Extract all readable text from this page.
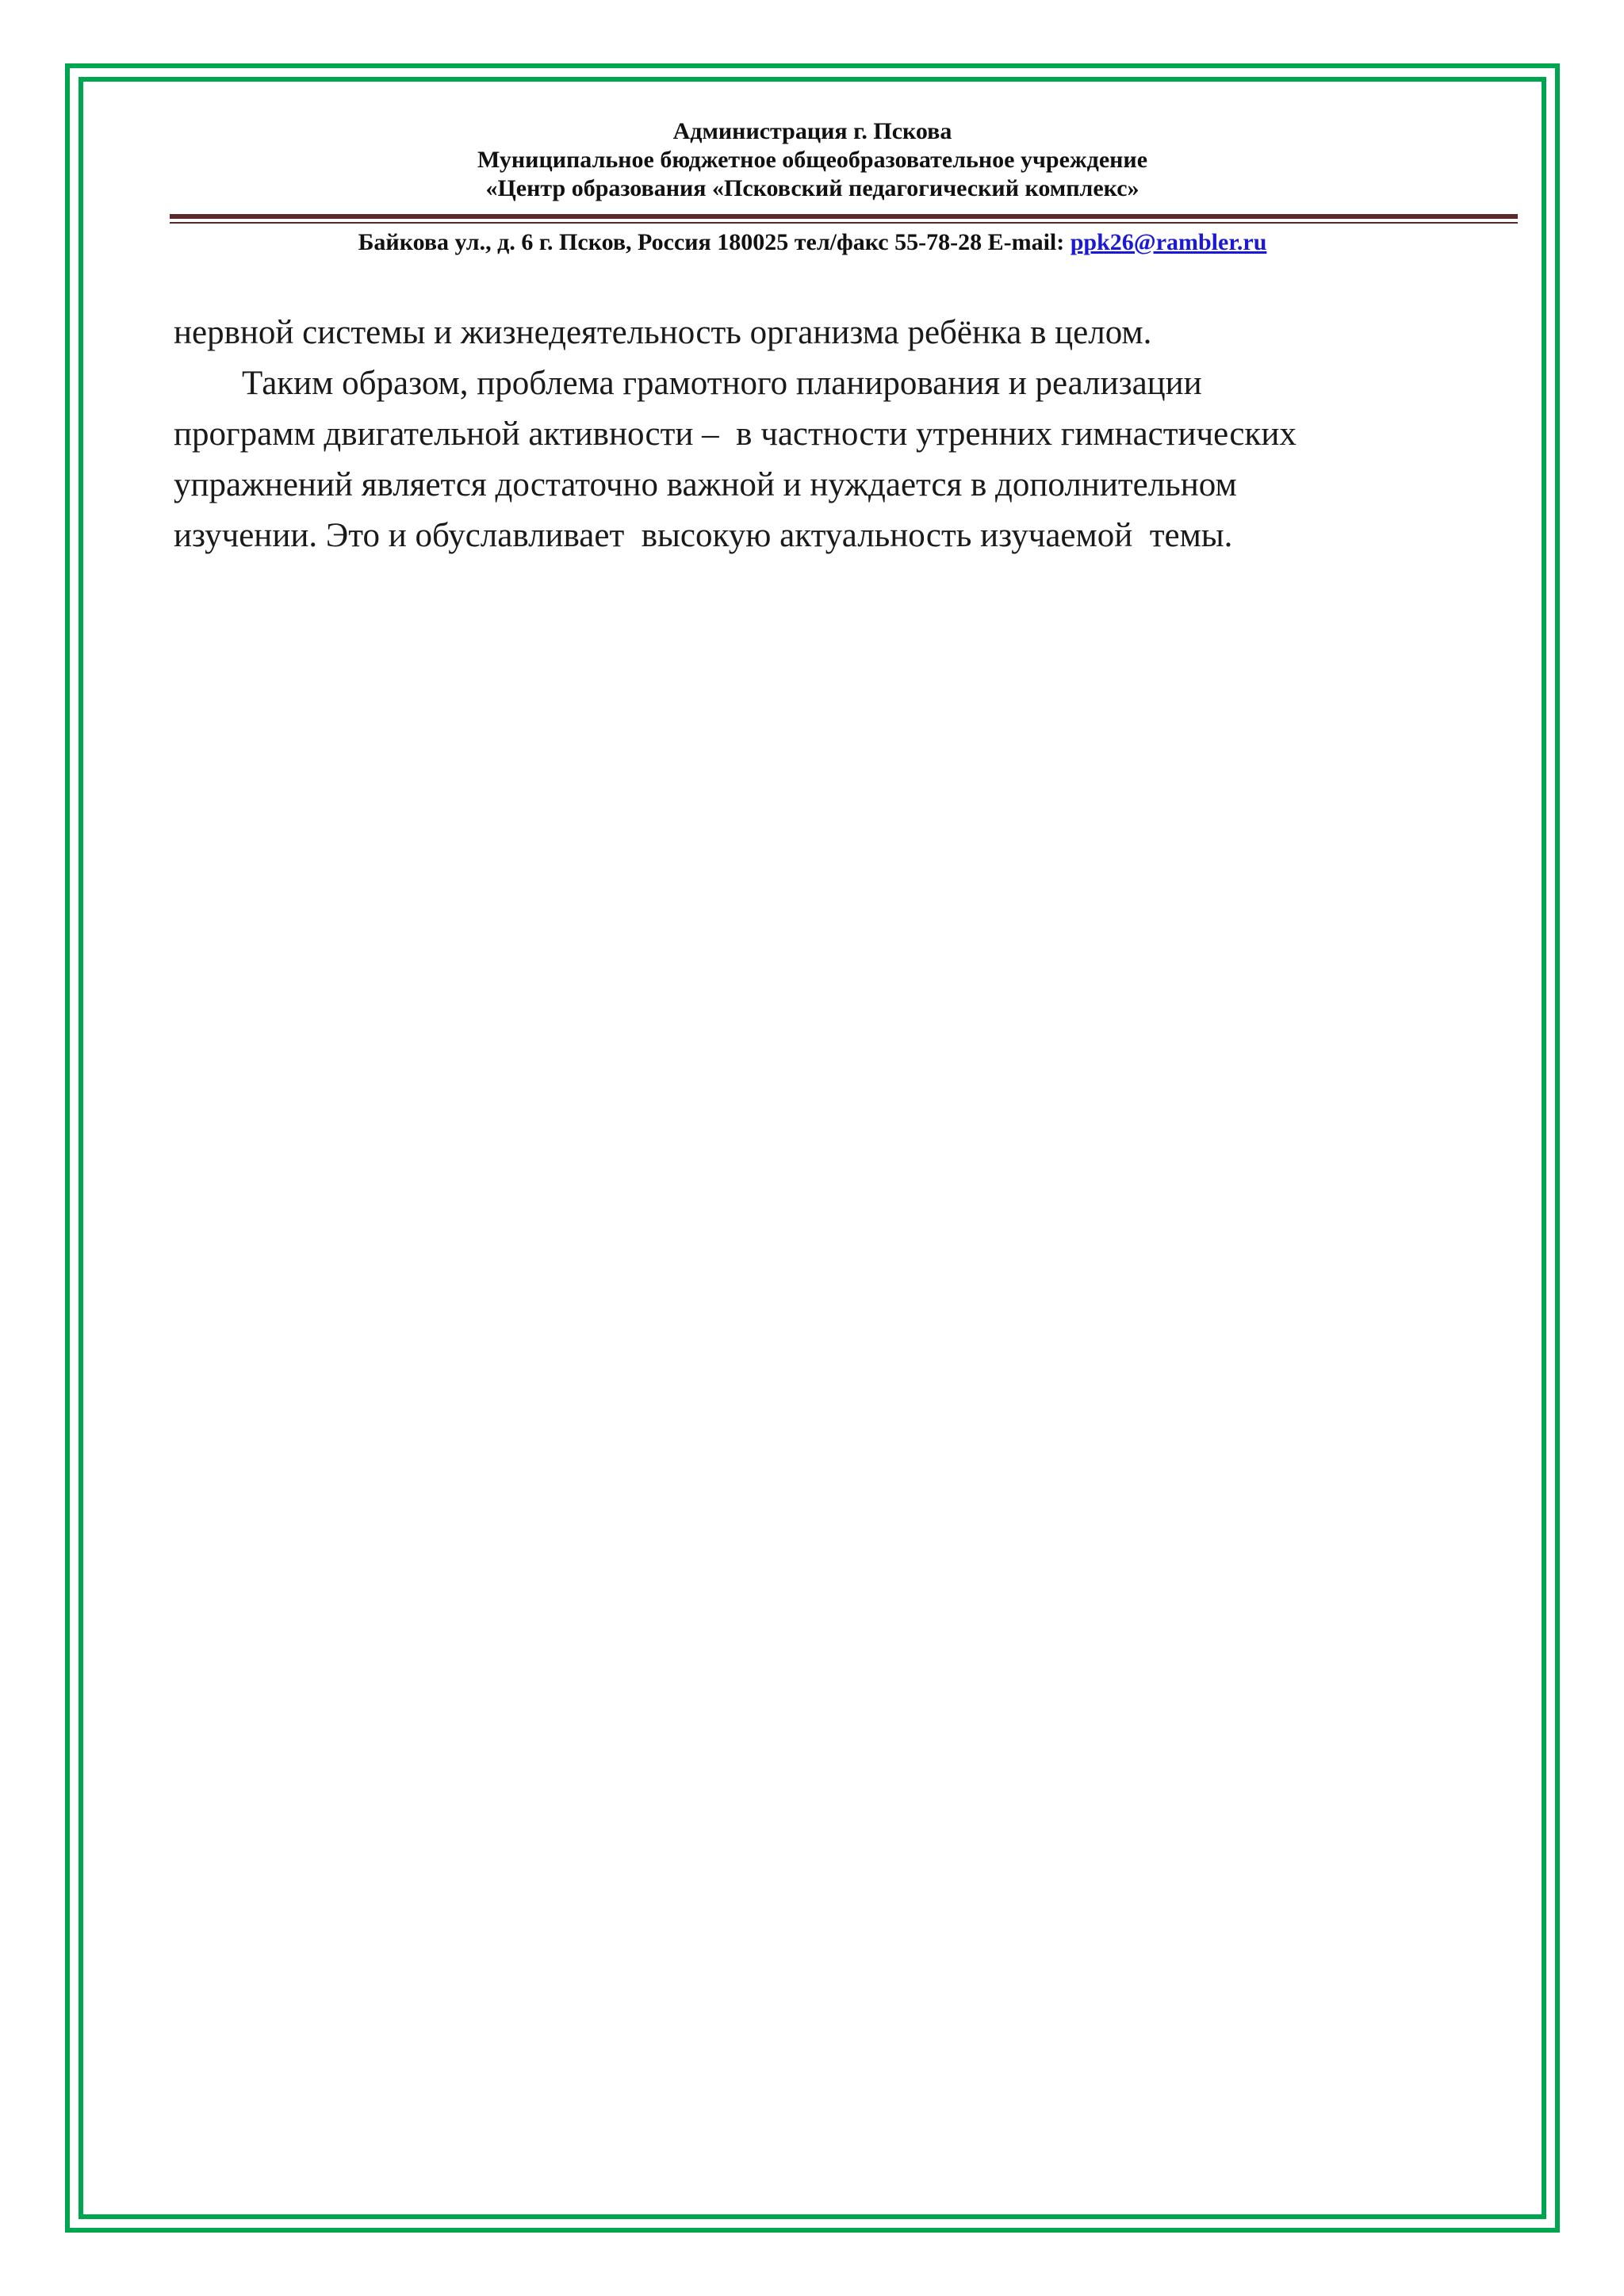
Администрация г. Пскова
Муниципальное бюджетное общеобразовательное учреждение
«Центр образования «Псковский педагогический комплекс»
Байкова ул., д. 6 г. Псков, Россия 180025 тел/факс 55-78-28 E-mail: ppk26@rambler.ru

нервной системы и жизнедеятельность организма ребёнка в целом.

Таким образом, проблема грамотного планирования и реализации

программ двигательной активности –  в частности утренних гимнастических

упражнений является достаточно важной и нуждается в дополнительном

изучении. Это и обуславливает  высокую актуальность изучаемой  темы.
